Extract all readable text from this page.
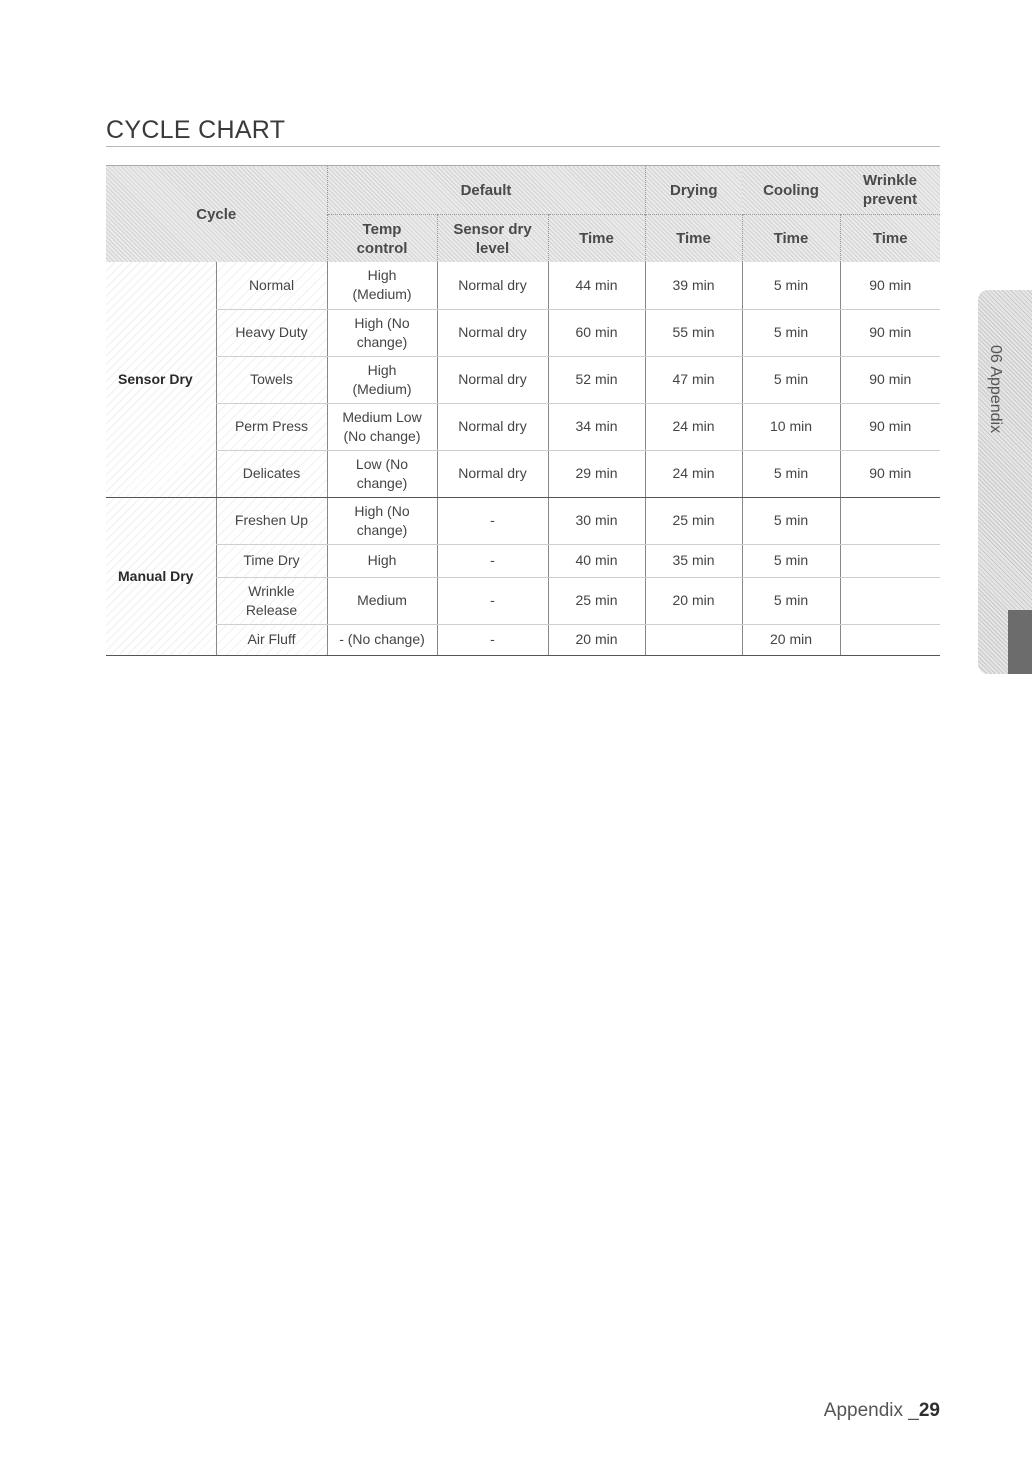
CYCLE CHART
Cycle		Default			Drying	Cooling	Wrinkle prevent
		Temp control	Sensor dry level	Time	Time	Time	Time
Sensor Dry	Normal	High (Medium)	Normal dry	44 min	39 min	5 min	90 min
	Heavy Duty	High (No change)	Normal dry	60 min	55 min	5 min	90 min
	Towels	High (Medium)	Normal dry	52 min	47 min	5 min	90 min
	Perm Press	Medium Low (No change)	Normal dry	34 min	24 min	10 min	90 min
	Delicates	Low (No change)	Normal dry	29 min	24 min	5 min	90 min
Manual Dry	Freshen Up	High (No change)	-	30 min	25 min	5 min	
	Time Dry	High	-	40 min	35 min	5 min	
	Wrinkle Release	Medium	-	25 min	20 min	5 min	
	Air Fluff	- (No change)	-	20 min		20 min	
06 Appendix
Appendix _29
